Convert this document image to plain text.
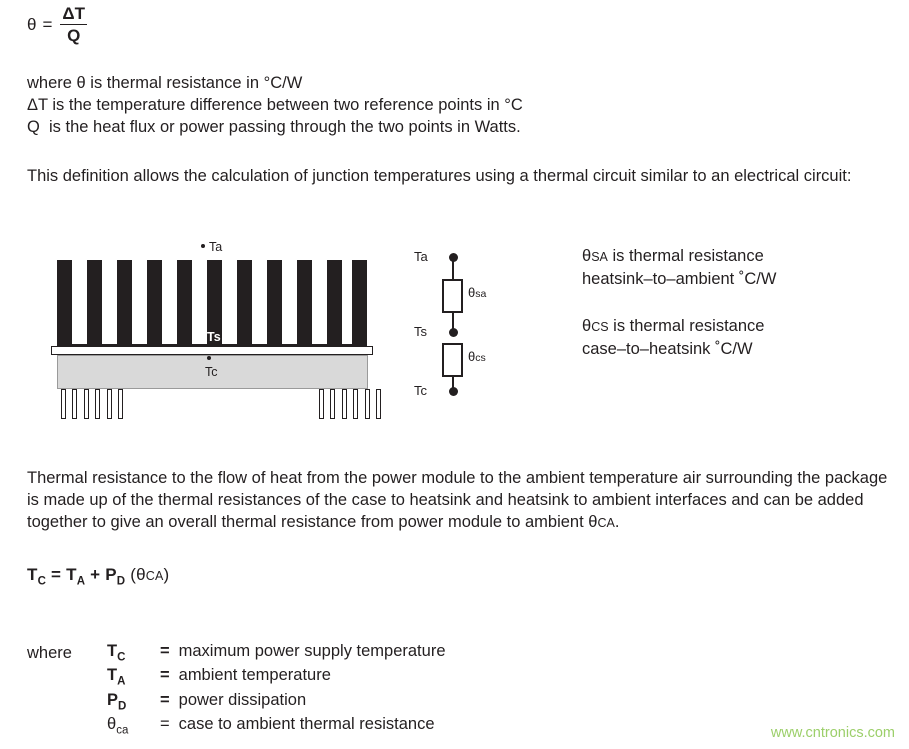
$\theta = \frac{\Delta T}{Q}$
where θ is thermal resistance in °C/W
ΔT is the temperature difference between two reference points in °C
Q  is the heat flux or power passing through the two points in Watts.
This definition allows the calculation of junction temperatures using a thermal circuit similar to an electrical circuit:

Ta
Ts
Tc
Ta
θsa
Ts
θcs
Tc
θSA is thermal resistance
heatsink–to–ambient ˚C/W
θCS is thermal resistance
case–to–heatsink ˚C/W
Thermal resistance to the flow of heat from the power module to the ambient temperature air surrounding the package is made up of the thermal resistances of the case to heatsink and heatsink to ambient interfaces and can be added together to give an overall thermal resistance from power module to ambient θCA.
$T_C = T_A + P_D$ (θCA)
where	$T_C$	=	maximum power supply temperature
$T_A$	=	ambient temperature
$P_D$	=	power dissipation
$\theta_{ca}$	=	case to ambient thermal resistance
www.cntronics.com
